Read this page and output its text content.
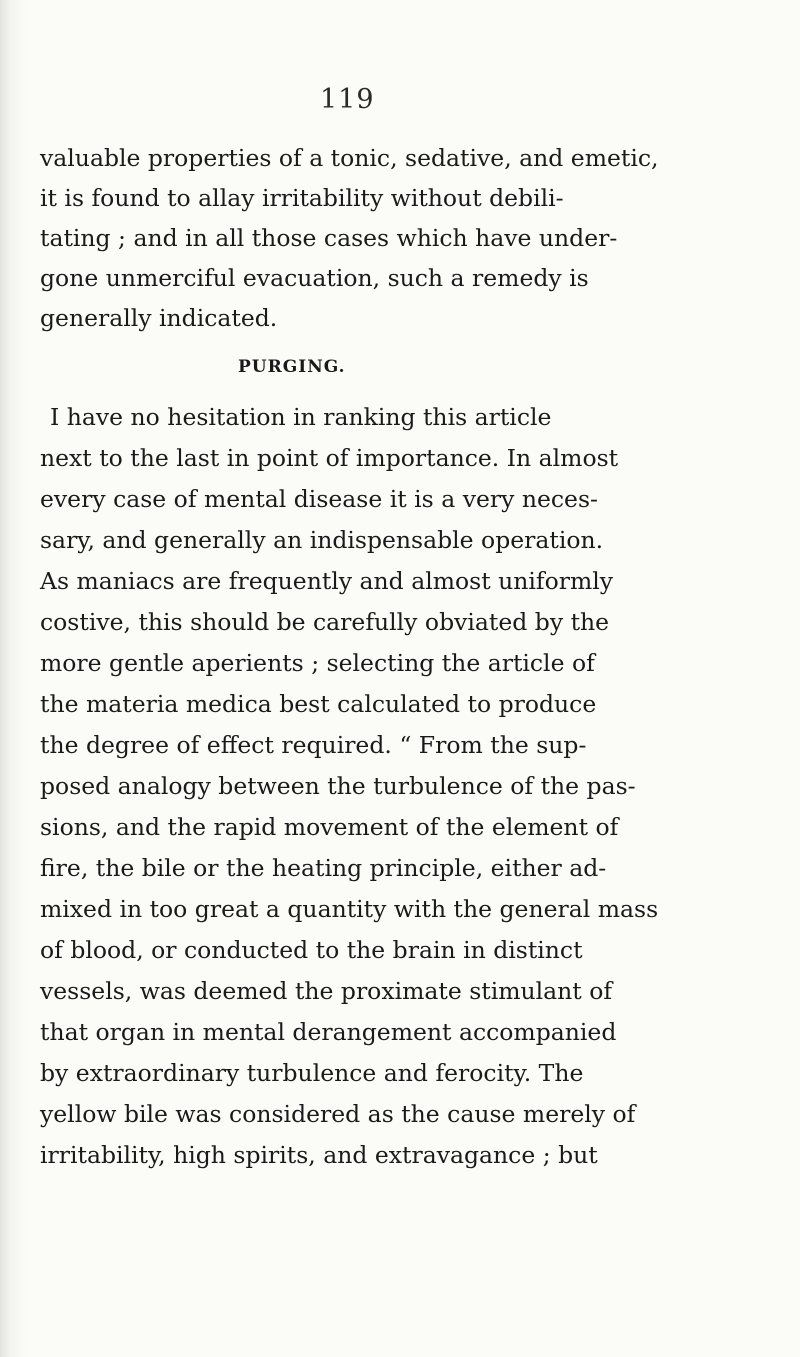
119
valuable properties of a tonic, sedative, and emetic,
it is found to allay irritability without debili-
tating ; and in all those cases which have under-
gone unmerciful evacuation, such a remedy is
generally indicated.
PURGING.
I have no hesitation in ranking this article
next to the last in point of importance. In almost
every case of mental disease it is a very neces-
sary, and generally an indispensable operation.
As maniacs are frequently and almost uniformly
costive, this should be carefully obviated by the
more gentle aperients ; selecting the article of
the materia medica best calculated to produce
the degree of effect required. “ From the sup-
posed analogy between the turbulence of the pas-
sions, and the rapid movement of the element of
fire, the bile or the heating principle, either ad-
mixed in too great a quantity with the general mass
of blood, or conducted to the brain in distinct
vessels, was deemed the proximate stimulant of
that organ in mental derangement accompanied
by extraordinary turbulence and ferocity. The
yellow bile was considered as the cause merely of
irritability, high spirits, and extravagance ; but
